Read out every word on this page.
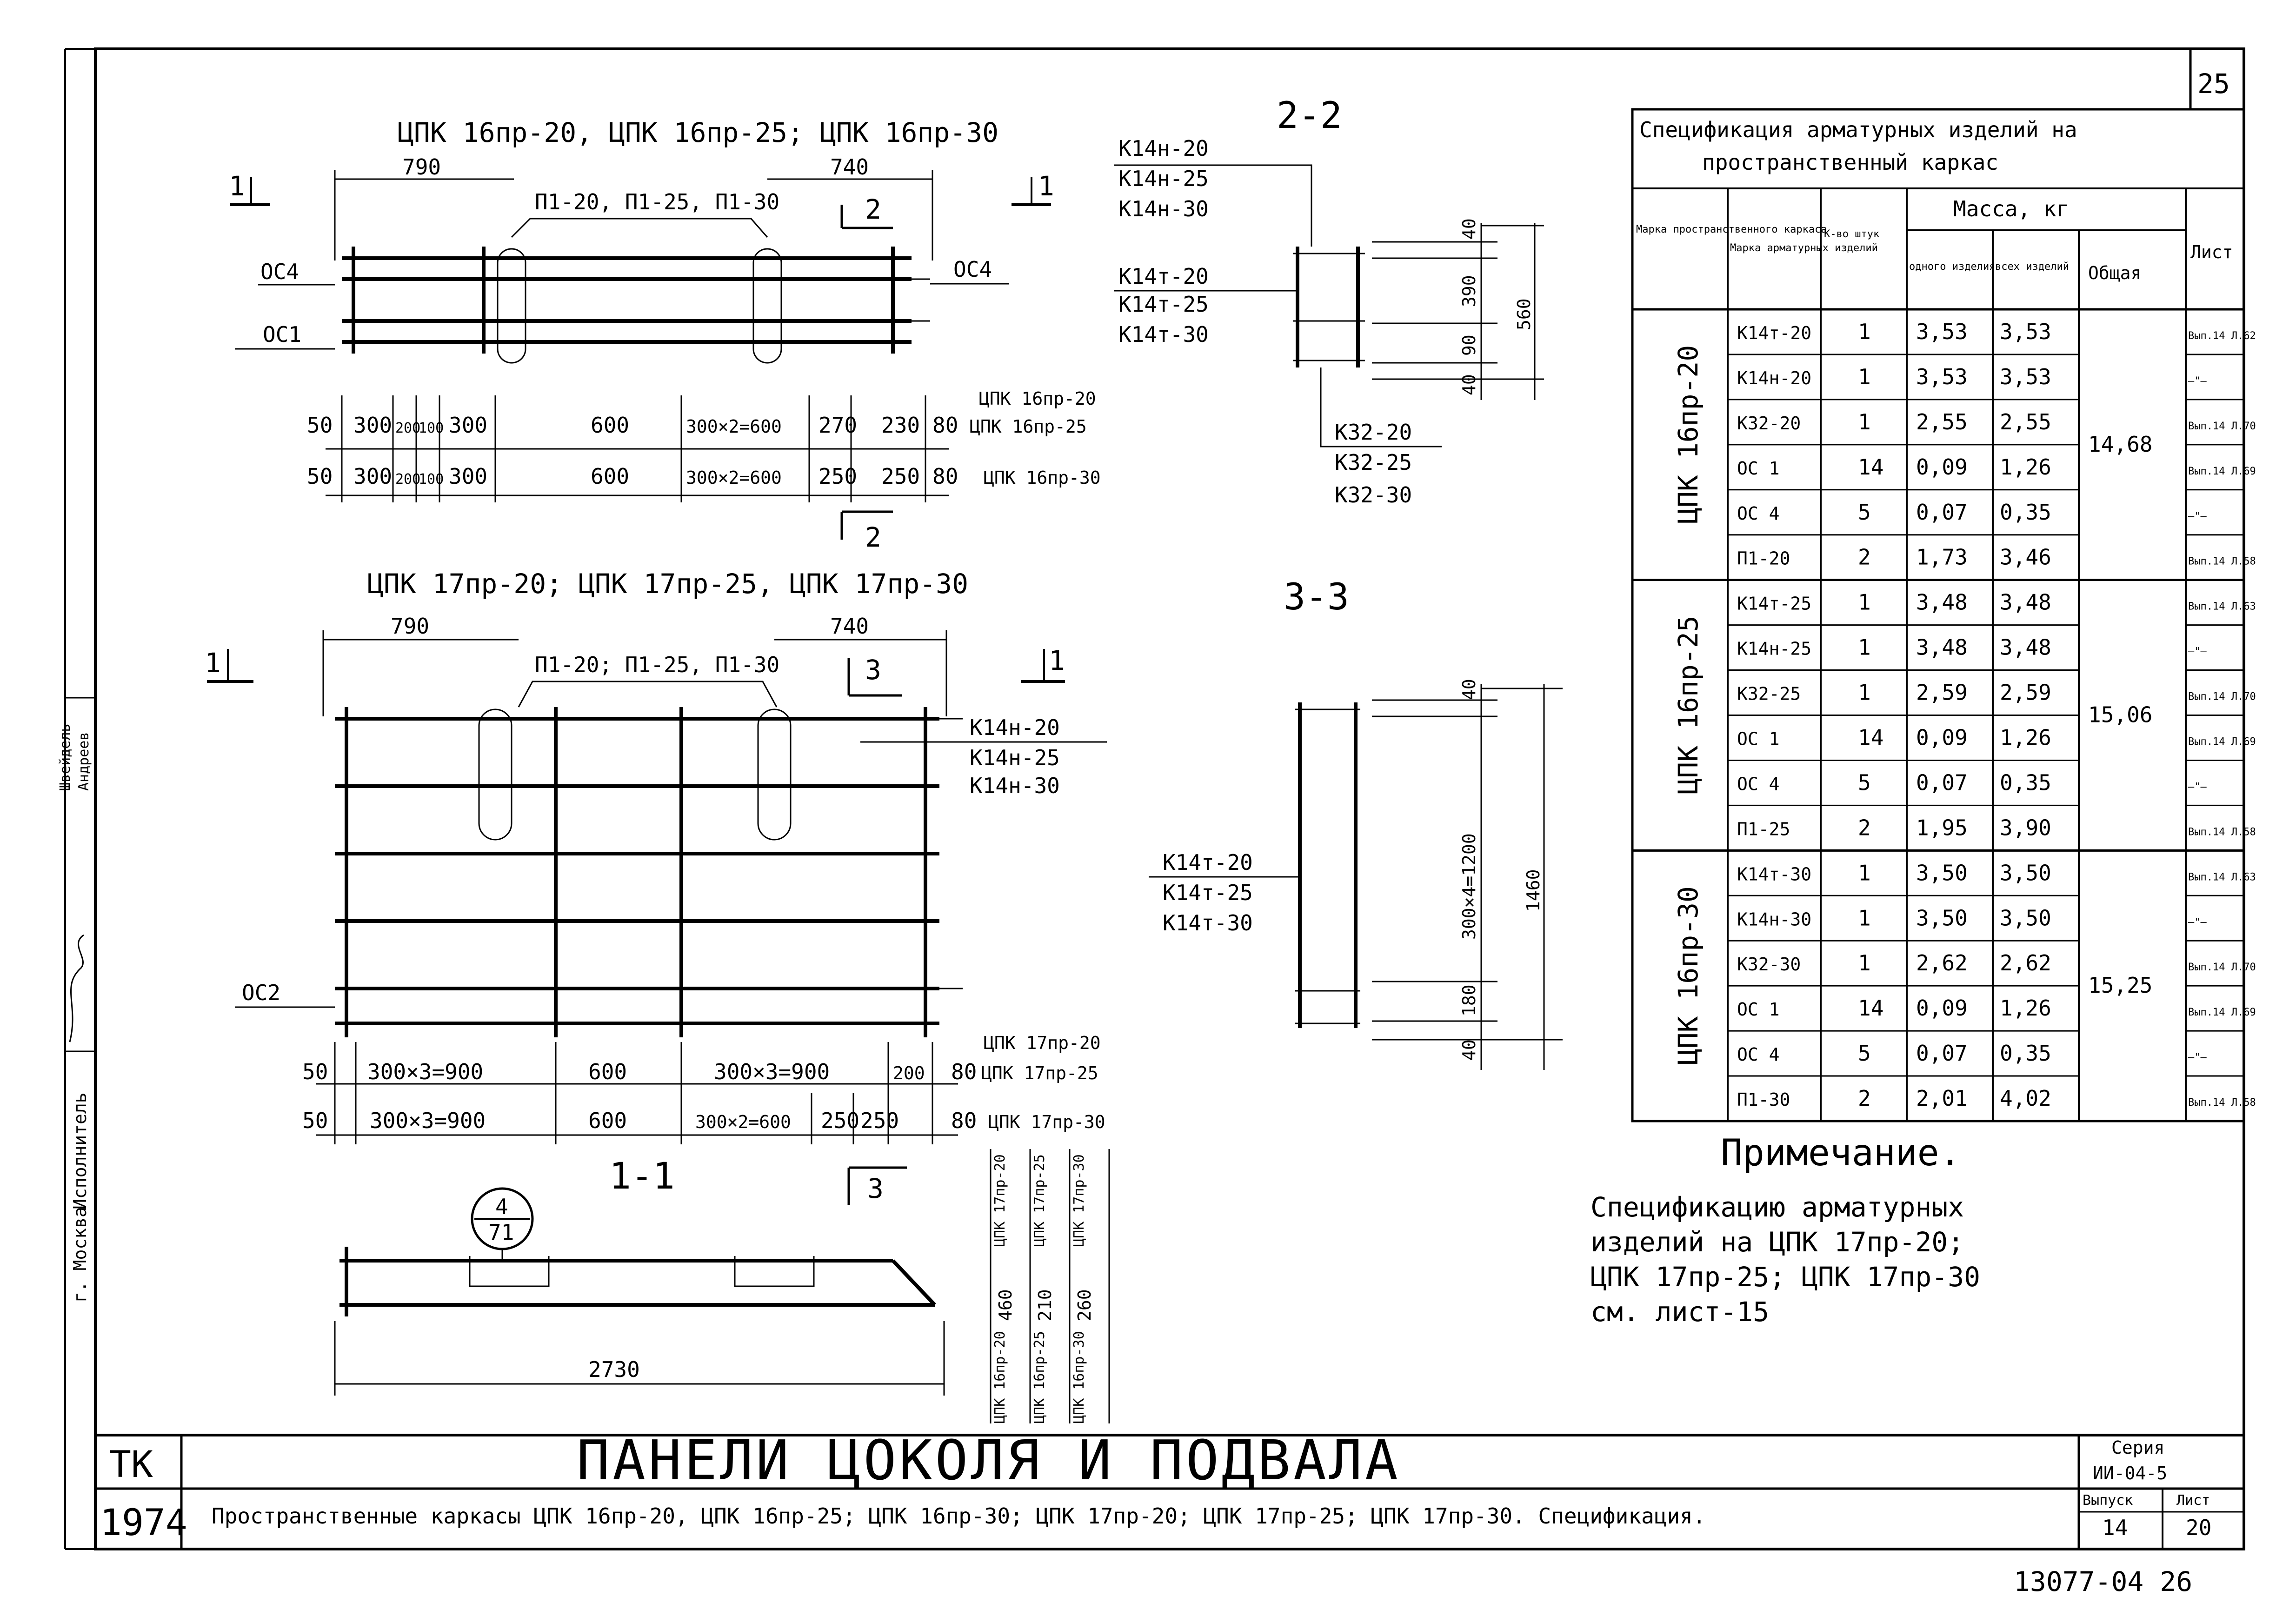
25
г. Москва
Исполнитель
Швейдель Андреев
ЦПК 16пр-20, ЦПК 16пр-25; ЦПК 16пр-30
1	1
2
2
790	740
П1-20, П1-25, П1-30
ОС4	ОС4
ОС1
50 300 200
100 300	600	300×2=600 270 230 80
ЦПК 16пр-20
ЦПК 16пр-25
50 300 200
100 300	600	300×2=600 250 250 80 ЦПК 16пр-30
ЦПК 17пр-20; ЦПК 17пр-25, ЦПК 17пр-30
1	1
3
3
790	740
П1-20; П1-25, П1-30
К14н-20
К14н-25
К14н-30
ОС2
50 300×3=900	600	300×3=900	200 80
ЦПК 17пр-20
ЦПК 17пр-25
50 300×3=900	600	300×2=600 250 250 80 ЦПК 17пр-30
1-1
4
71
2730
ЦПК 17пр-20 ЦПК 17пр-25 ЦПК 17пр-30
460 210 260
ЦПК 16пр-20 ЦПК 16пр-25 ЦПК 16пр-30
2-2
К14н-20
К14н-25
К14н-30
К14т-20
К14т-25
К14т-30
40
390
90
40
560
К32-20
К32-25
К32-30
3-3
К14т-20
К14т-25
К14т-30
40
300×4=1200
180
40
1460
Спецификация арматурных изделий на
пространственный каркас
Марка пространственного каркаса
Марка арматурных изделий
К-во штук
Масса, кг
одного изделия всех изделий Общая
Лист
ЦПК 16пр-20	14,68
К14т-20 1 3,53 3,53	Вып.14 Л.62
К14н-20 1 3,53 3,53	—"—
К32-20	1 2,55 2,55	Вып.14 Л.70
ОС 1	14 0,09 1,26	Вып.14 Л.69
ОС 4	5 0,07 0,35	—"—
П1-20	2 1,73 3,46	Вып.14 Л.58
ЦПК 16пр-25	15,06
К14т-25 1 3,48 3,48	Вып.14 Л.63
К14н-25 1 3,48 3,48	—"—
К32-25	1 2,59 2,59	Вып.14 Л.70
ОС 1	14 0,09 1,26	Вып.14 Л.69
ОС 4	5 0,07 0,35	—"—
П1-25	2 1,95 3,90	Вып.14 Л.58
ЦПК 16пр-30	15,25
К14т-30 1 3,50 3,50	Вып.14 Л.63
К14н-30 1 3,50 3,50	—"—
К32-30	1 2,62 2,62	Вып.14 Л.70
ОС 1	14 0,09 1,26	Вып.14 Л.69
ОС 4	5 0,07 0,35	—"—
П1-30	2 2,01 4,02	Вып.14 Л.58
Примечание.
Спецификацию арматурных
изделий на ЦПК 17пр-20;
ЦПК 17пр-25; ЦПК 17пр-30
см. лист-15
ТК
1974
ПАНЕЛИ ЦОКОЛЯ И ПОДВАЛА
Пространственные каркасы ЦПК 16пр-20, ЦПК 16пр-25; ЦПК 16пр-30; ЦПК 17пр-20; ЦПК 17пр-25; ЦПК 17пр-30. Спецификация.
Серия
ИИ-04-5
Выпуск
14
Лист
20
13077-04 26
